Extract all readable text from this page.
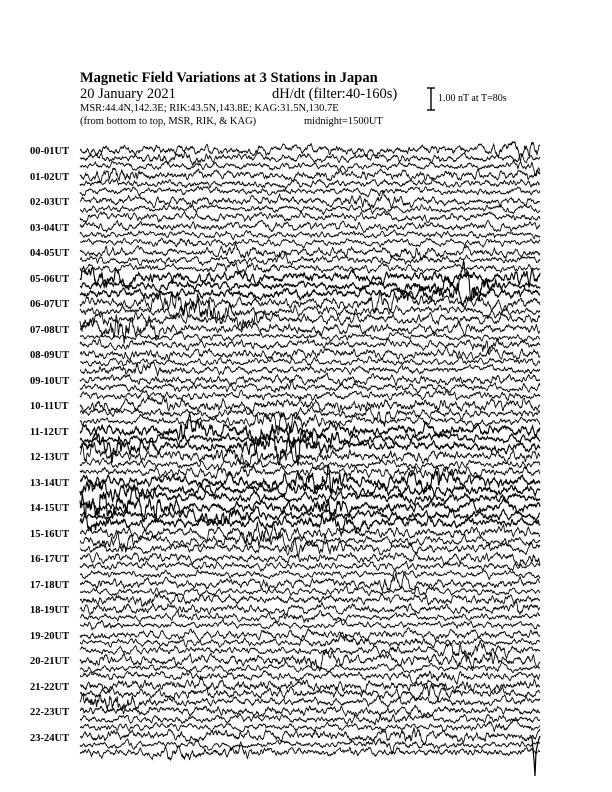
Magnetic Field Variations at 3 Stations in Japan
20 January 2021	dH/dt (filter:40-160s)
MSR:44.4N,142.3E; RIK:43.5N,143.8E; KAG:31.5N,130.7E
(from bottom to top, MSR, RIK, & KAG)	midnight=1500UT
1.00 nT at T=80s
00-01UT
01-02UT
02-03UT
03-04UT
04-05UT
05-06UT
06-07UT
07-08UT
08-09UT
09-10UT
10-11UT
11-12UT
12-13UT
13-14UT
14-15UT
15-16UT
16-17UT
17-18UT
18-19UT
19-20UT
20-21UT
21-22UT
22-23UT
23-24UT
